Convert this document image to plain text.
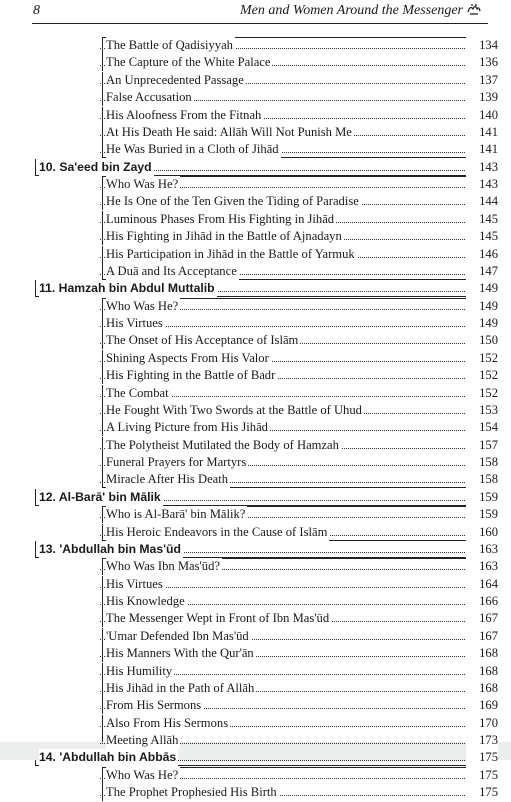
8	Men and Women Around the Messenger
The Battle of Qadisiyyah	134
The Capture of the White Palace	136
An Unprecedented Passage	137
False Accusation	139
His Aloofness From the Fitnah	140
At His Death He said: Allāh Will Not Punish Me	141
He Was Buried in a Cloth of Jihād	141
10. Sa'eed bin Zayd	143
Who Was He?	143
He Is One of the Ten Given the Tiding of Paradise	144
Luminous Phases From His Fighting in Jihād	145
His Fighting in Jihād in the Battle of Ajnadayn	145
His Participation in Jihād in the Battle of Yarmuk	146
A Duā and Its Acceptance	147
11. Hamzah bin Abdul Muttalib	149
Who Was He?	149
His Virtues	149
The Onset of His Acceptance of Islām	150
Shining Aspects From His Valor	152
His Fighting in the Battle of Badr	152
The Combat	152
He Fought With Two Swords at the Battle of Uhud	153
A Living Picture from His Jihād	154
The Polytheist Mutilated the Body of Hamzah	157
Funeral Prayers for Martyrs	158
Miracle After His Death	158
12. Al-Barā' bin Mālik	159
Who is Al-Barā' bin Mālik?	159
His Heroic Endeavors in the Cause of Islām	160
13. 'Abdullah bin Mas'ūd	163
Who Was Ibn Mas'ūd?	163
His Virtues	164
His Knowledge	166
The Messenger Wept in Front of Ibn Mas'ūd	167
'Umar Defended Ibn Mas'ūd	167
His Manners With the Qur'ān	168
His Humility	168
His Jihād in the Path of Allāh	168
From His Sermons	169
Also From His Sermons	170
Meeting Allāh	173
14. 'Abdullah bin Abbās	175
Who Was He?	175
The Prophet Prophesied His Birth	175
